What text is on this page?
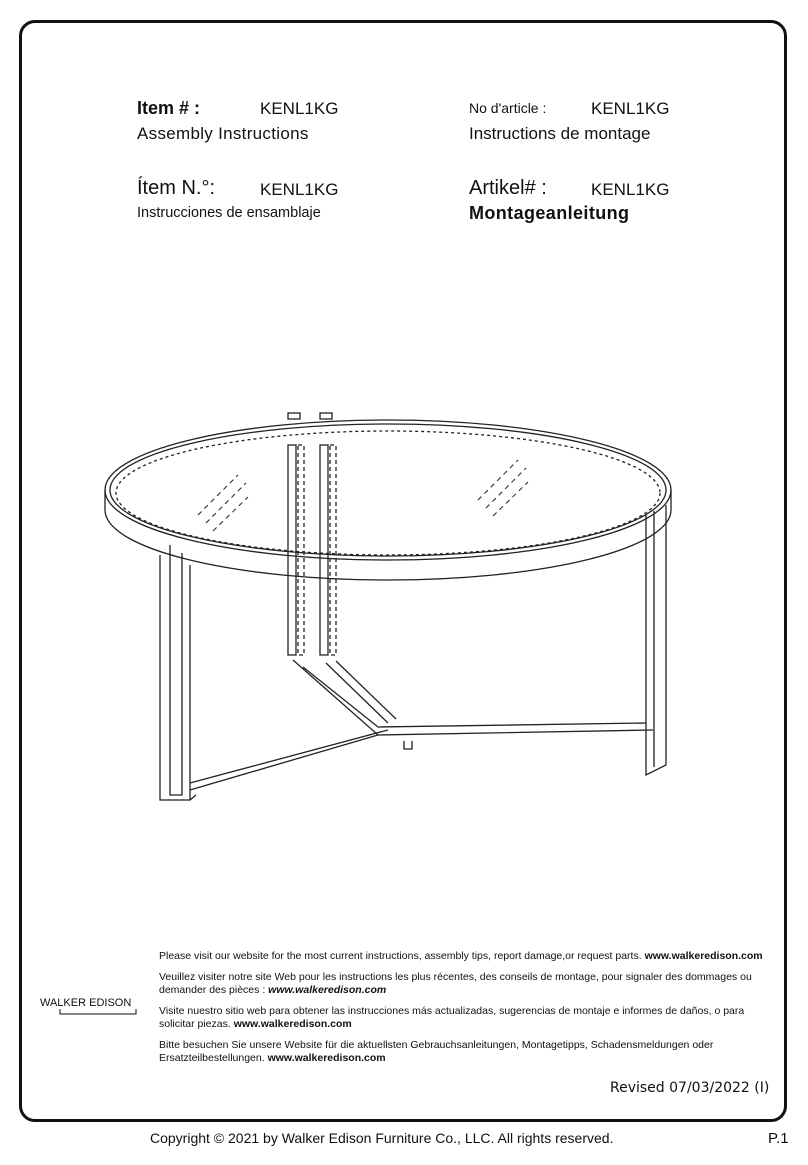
Item # :	KENL1KG
Assembly Instructions
No d'article :	KENL1KG
Instructions de montage
Ítem N.°:	KENL1KG
Instrucciones de ensamblaje
Artikel# :	KENL1KG
Montageanleitung

Please visit our website for the most current instructions, assembly tips, report damage,or request parts. www.walkeredison.com

Veuillez visiter notre site Web pour les instructions les plus récentes, des conseils de montage, pour signaler des dommages ou demander des pièces : www.walkeredison.com

Visite nuestro sitio web para obtener las instrucciones más actualizadas, sugerencias de montaje e informes de daños, o para solicitar piezas. www.walkeredison.com

Bitte besuchen Sie unsere Website für die aktuellsten Gebrauchsanleitungen, Montagetipps, Schadensmeldungen oder Ersatzteilbestellungen. www.walkeredison.com

WALKER EDISON
Revised 07/03/2022 (I)
Copyright © 2021 by Walker Edison Furniture Co., LLC. All rights reserved.	P.1
